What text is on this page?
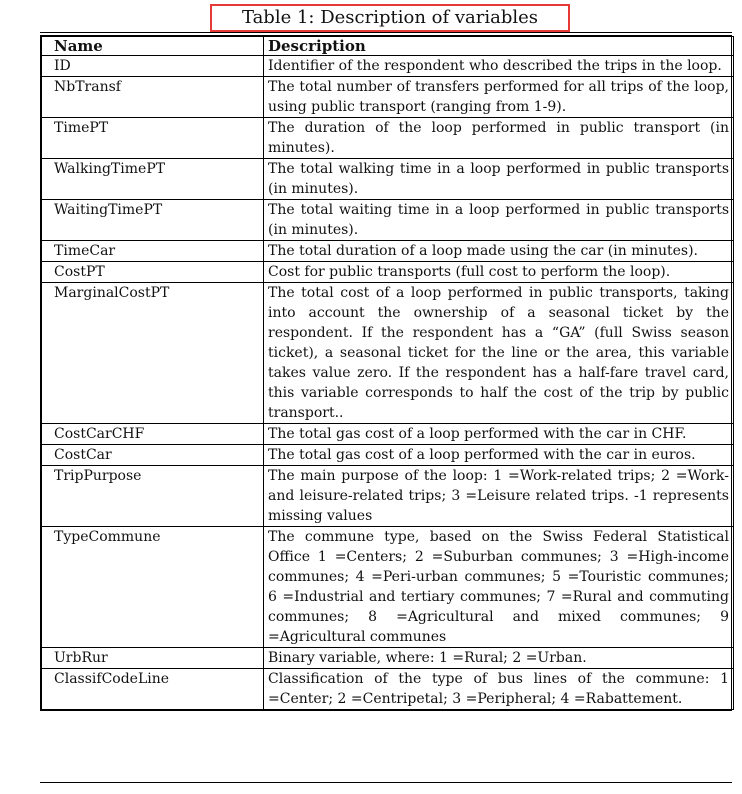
Table 1: Description of variables
Name	Description
ID	Identifier of the respondent who described the trips in the loop.
NbTransf	The total number of transfers performed for all trips of the loop, using public transport (ranging from 1-9).
TimePT	The duration of the loop performed in public transport (in minutes).
WalkingTimePT	The total walking time in a loop performed in public transports (in minutes).
WaitingTimePT	The total waiting time in a loop performed in public transports (in minutes).
TimeCar	The total duration of a loop made using the car (in minutes).
CostPT	Cost for public transports (full cost to perform the loop).
MarginalCostPT	The total cost of a loop performed in public transports, taking into account the ownership of a seasonal ticket by the respondent. If the respondent has a “GA” (full Swiss season ticket), a seasonal ticket for the line or the area, this variable takes value zero. If the respondent has a half-fare travel card, this variable corresponds to half the cost of the trip by public transport..
CostCarCHF	The total gas cost of a loop performed with the car in CHF.
CostCar	The total gas cost of a loop performed with the car in euros.
TripPurpose	The main purpose of the loop: 1 =Work-related trips; 2 =Work- and leisure-related trips; 3 =Leisure related trips. -1 represents missing values
TypeCommune	The commune type, based on the Swiss Federal Statistical Office 1 =Centers; 2 =Suburban communes; 3 =High-income communes; 4 =Peri-urban communes; 5 =Touristic communes; 6 =Industrial and tertiary communes; 7 =Rural and commuting communes; 8 =Agricultural and mixed communes; 9 =Agricultural communes
UrbRur	Binary variable, where: 1 =Rural; 2 =Urban.
ClassifCodeLine	Classification of the type of bus lines of the commune: 1 =Center; 2 =Centripetal; 3 =Peripheral; 4 =Rabattement.
